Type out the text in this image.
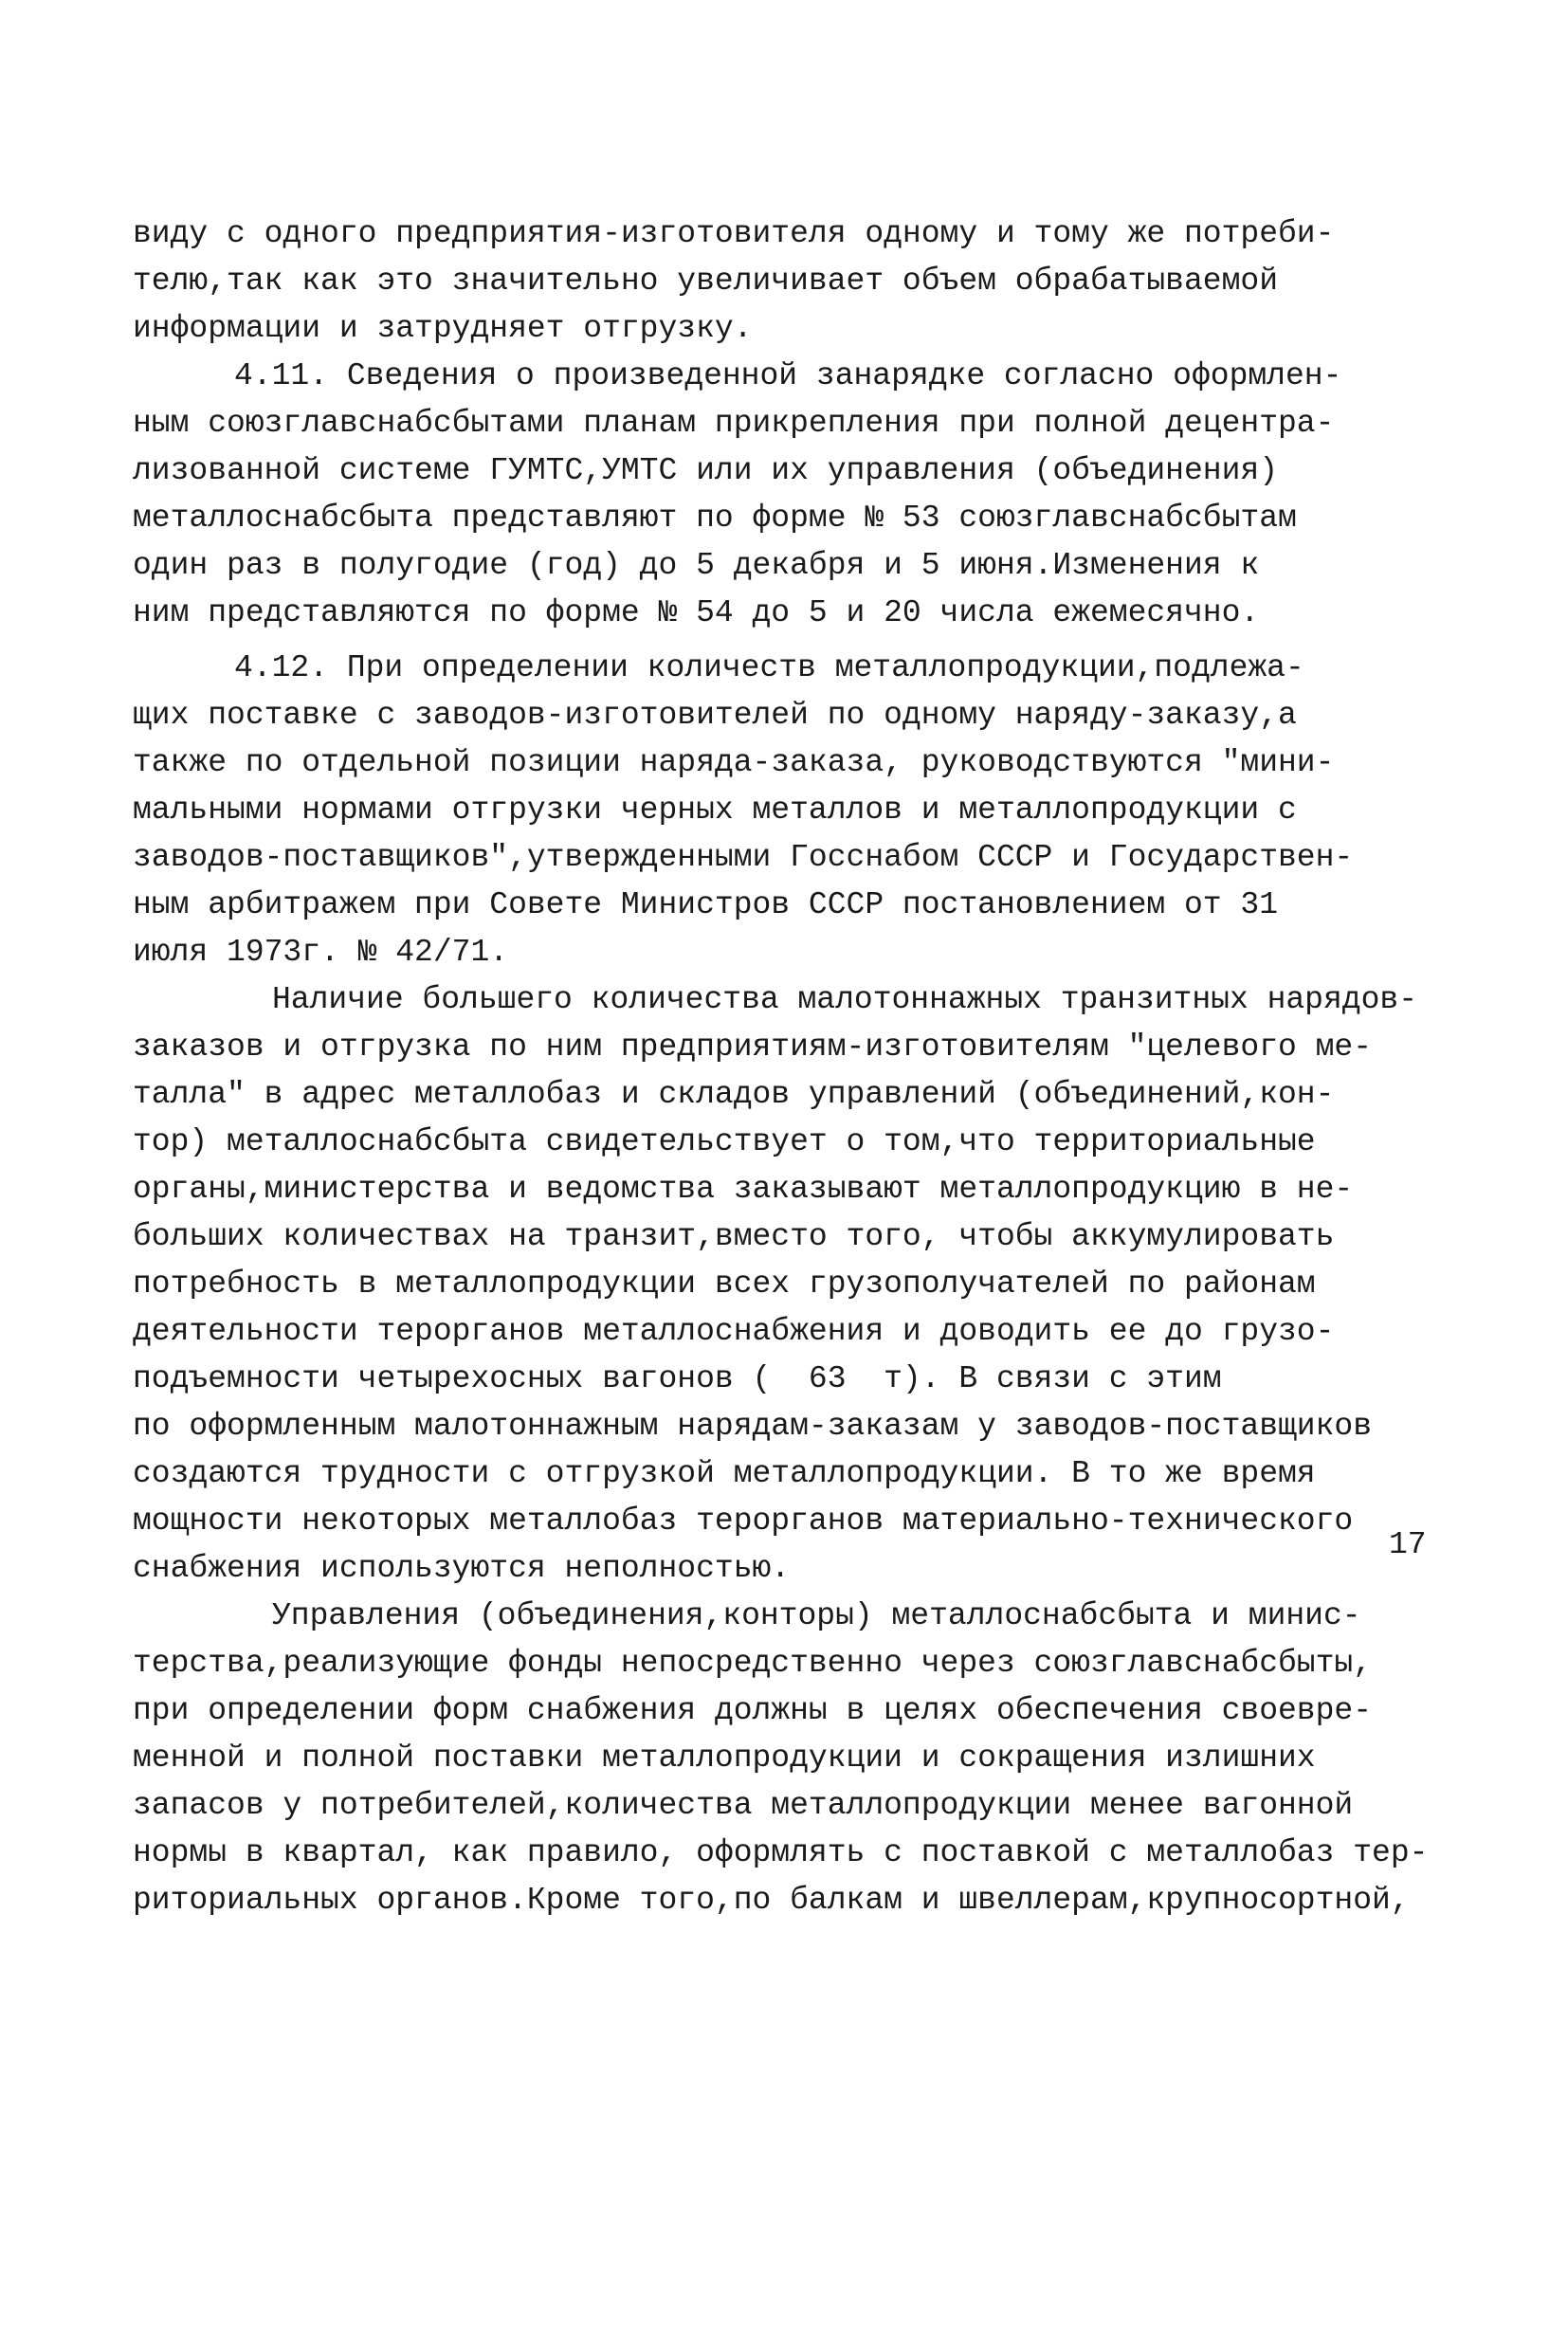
виду с одного предприятия-изготовителя одному и тому же потреби-
телю,так как это значительно увеличивает объем обрабатываемой
информации и затрудняет отгрузку.
4.11. Сведения о произведенной занарядке согласно оформлен-
ным союзглавснабсбытами планам прикрепления при полной децентра-
лизованной системе ГУМТС,УМТС или их управления (объединения)
металлоснабсбыта представляют по форме № 53 союзглавснабсбытам
один раз в полугодие (год) до 5 декабря и 5 июня.Изменения к
ним представляются по форме № 54 до 5 и 20 числа ежемесячно.
4.12. При определении количеств металлопродукции,подлежа-
щих поставке с заводов-изготовителей по одному наряду-заказу,а
также по отдельной позиции наряда-заказа, руководствуются "мини-
мальными нормами отгрузки черных металлов и металлопродукции с
заводов-поставщиков",утвержденными Госснабом СССР и Государствен-
ным арбитражем при Совете Министров СССР постановлением от 31
июля 1973г. № 42/71.
Наличие большего количества малотоннажных транзитных нарядов-
заказов и отгрузка по ним предприятиям-изготовителям "целевого ме-
талла" в адрес металлобаз и складов управлений (объединений,кон-
тор) металлоснабсбыта свидетельствует о том,что территориальные
органы,министерства и ведомства заказывают металлопродукцию в не-
больших количествах на транзит,вместо того, чтобы аккумулировать
потребность в металлопродукции всех грузополучателей по районам
деятельности терорганов металлоснабжения и доводить ее до грузо-
подъемности четырехосных вагонов (  63  т). В связи с этим
по оформленным малотоннажным нарядам-заказам у заводов-поставщиков
создаются трудности с отгрузкой металлопродукции. В то же время
мощности некоторых металлобаз терорганов материально-технического
снабжения используются неполностью.
Управления (объединения,конторы) металлоснабсбыта и минис-
терства,реализующие фонды непосредственно через союзглавснабсбыты,
при определении форм снабжения должны в целях обеспечения своевре-
менной и полной поставки металлопродукции и сокращения излишних
запасов у потребителей,количества металлопродукции менее вагонной
нормы в квартал, как правило, оформлять с поставкой с металлобаз тер-
риториальных органов.Кроме того,по балкам и швеллерам,крупносортной,
17
